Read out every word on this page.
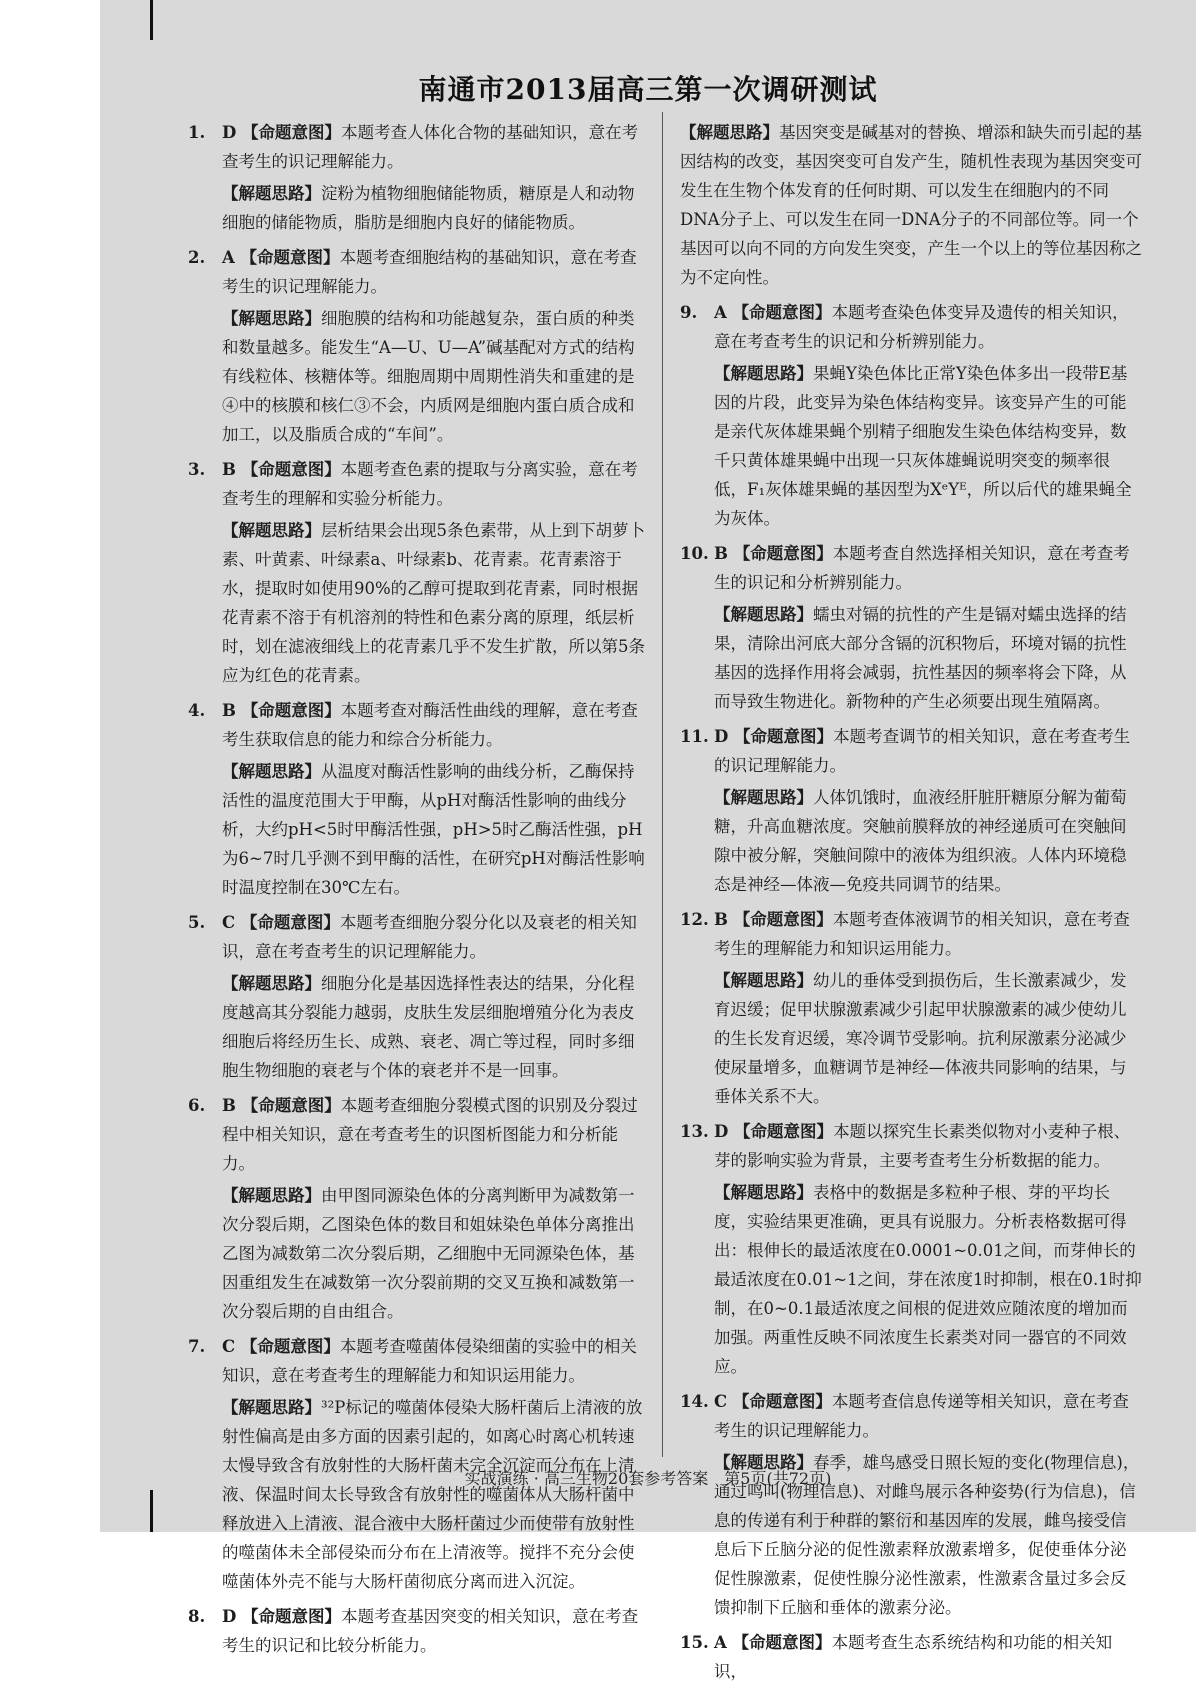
南通市2013届高三第一次调研测试
1. D 【命题意图】本题考查人体化合物的基础知识，意在考查考生的识记理解能力。
【解题思路】淀粉为植物细胞储能物质，糖原是人和动物细胞的储能物质，脂肪是细胞内良好的储能物质。
2. A 【命题意图】本题考查细胞结构的基础知识，意在考查考生的识记理解能力。
【解题思路】细胞膜的结构和功能越复杂，蛋白质的种类和数量越多。能发生“A—U、U—A”碱基配对方式的结构有线粒体、核糖体等。细胞周期中周期性消失和重建的是④中的核膜和核仁③不会，内质网是细胞内蛋白质合成和加工，以及脂质合成的“车间”。
3. B 【命题意图】本题考查色素的提取与分离实验，意在考查考生的理解和实验分析能力。
【解题思路】层析结果会出现5条色素带，从上到下胡萝卜素、叶黄素、叶绿素a、叶绿素b、花青素。花青素溶于水，提取时如使用90%的乙醇可提取到花青素，同时根据花青素不溶于有机溶剂的特性和色素分离的原理，纸层析时，划在滤液细线上的花青素几乎不发生扩散，所以第5条应为红色的花青素。
4. B 【命题意图】本题考查对酶活性曲线的理解，意在考查考生获取信息的能力和综合分析能力。
【解题思路】从温度对酶活性影响的曲线分析，乙酶保持活性的温度范围大于甲酶，从pH对酶活性影响的曲线分析，大约pH<5时甲酶活性强，pH>5时乙酶活性强，pH为6~7时几乎测不到甲酶的活性，在研究pH对酶活性影响时温度控制在30℃左右。
5. C 【命题意图】本题考查细胞分裂分化以及衰老的相关知识，意在考查考生的识记理解能力。
【解题思路】细胞分化是基因选择性表达的结果，分化程度越高其分裂能力越弱，皮肤生发层细胞增殖分化为表皮细胞后将经历生长、成熟、衰老、凋亡等过程，同时多细胞生物细胞的衰老与个体的衰老并不是一回事。
6. B 【命题意图】本题考查细胞分裂模式图的识别及分裂过程中相关知识，意在考查考生的识图析图能力和分析能力。
【解题思路】由甲图同源染色体的分离判断甲为减数第一次分裂后期，乙图染色体的数目和姐妹染色单体分离推出乙图为减数第二次分裂后期，乙细胞中无同源染色体，基因重组发生在减数第一次分裂前期的交叉互换和减数第一次分裂后期的自由组合。
7. C 【命题意图】本题考查噬菌体侵染细菌的实验中的相关知识，意在考查考生的理解能力和知识运用能力。
【解题思路】³²P标记的噬菌体侵染大肠杆菌后上清液的放射性偏高是由多方面的因素引起的，如离心时离心机转速太慢导致含有放射性的大肠杆菌未完全沉淀而分布在上清液、保温时间太长导致含有放射性的噬菌体从大肠杆菌中释放进入上清液、混合液中大肠杆菌过少而使带有放射性的噬菌体未全部侵染而分布在上清液等。搅拌不充分会使噬菌体外壳不能与大肠杆菌彻底分离而进入沉淀。
8. D 【命题意图】本题考查基因突变的相关知识，意在考查考生的识记和比较分析能力。
【解题思路】基因突变是碱基对的替换、增添和缺失而引起的基因结构的改变，基因突变可自发产生，随机性表现为基因突变可发生在生物个体发育的任何时期、可以发生在细胞内的不同DNA分子上、可以发生在同一DNA分子的不同部位等。同一个基因可以向不同的方向发生突变，产生一个以上的等位基因称之为不定向性。
9. A 【命题意图】本题考查染色体变异及遗传的相关知识，意在考查考生的识记和分析辨别能力。
【解题思路】果蝇Y染色体比正常Y染色体多出一段带E基因的片段，此变异为染色体结构变异。该变异产生的可能是亲代灰体雄果蝇个别精子细胞发生染色体结构变异，数千只黄体雄果蝇中出现一只灰体雄蝇说明突变的频率很低，F₁灰体雄果蝇的基因型为XᵉYᴱ，所以后代的雄果蝇全为灰体。
10. B 【命题意图】本题考查自然选择相关知识，意在考查考生的识记和分析辨别能力。
【解题思路】蠕虫对镉的抗性的产生是镉对蠕虫选择的结果，清除出河底大部分含镉的沉积物后，环境对镉的抗性基因的选择作用将会减弱，抗性基因的频率将会下降，从而导致生物进化。新物种的产生必须要出现生殖隔离。
11. D 【命题意图】本题考查调节的相关知识，意在考查考生的识记理解能力。
【解题思路】人体饥饿时，血液经肝脏肝糖原分解为葡萄糖，升高血糖浓度。突触前膜释放的神经递质可在突触间隙中被分解，突触间隙中的液体为组织液。人体内环境稳态是神经—体液—免疫共同调节的结果。
12. B 【命题意图】本题考查体液调节的相关知识，意在考查考生的理解能力和知识运用能力。
【解题思路】幼儿的垂体受到损伤后，生长激素减少，发育迟缓；促甲状腺激素减少引起甲状腺激素的减少使幼儿的生长发育迟缓，寒冷调节受影响。抗利尿激素分泌减少使尿量增多，血糖调节是神经—体液共同影响的结果，与垂体关系不大。
13. D 【命题意图】本题以探究生长素类似物对小麦种子根、芽的影响实验为背景，主要考查考生分析数据的能力。
【解题思路】表格中的数据是多粒种子根、芽的平均长度，实验结果更准确，更具有说服力。分析表格数据可得出：根伸长的最适浓度在0.0001~0.01之间，而芽伸长的最适浓度在0.01~1之间，芽在浓度1时抑制，根在0.1时抑制，在0~0.1最适浓度之间根的促进效应随浓度的增加而加强。两重性反映不同浓度生长素类对同一器官的不同效应。
14. C 【命题意图】本题考查信息传递等相关知识，意在考查考生的识记理解能力。
【解题思路】春季，雄鸟感受日照长短的变化(物理信息)，通过鸣叫(物理信息)、对雌鸟展示各种姿势(行为信息)，信息的传递有利于种群的繁衍和基因库的发展，雌鸟接受信息后下丘脑分泌的促性激素释放激素增多，促使垂体分泌促性腺激素，促使性腺分泌性激素，性激素含量过多会反馈抑制下丘脑和垂体的激素分泌。
15. A 【命题意图】本题考查生态系统结构和功能的相关知识，
实战演练 · 高三生物20套参考答案　第5页(共72页)
